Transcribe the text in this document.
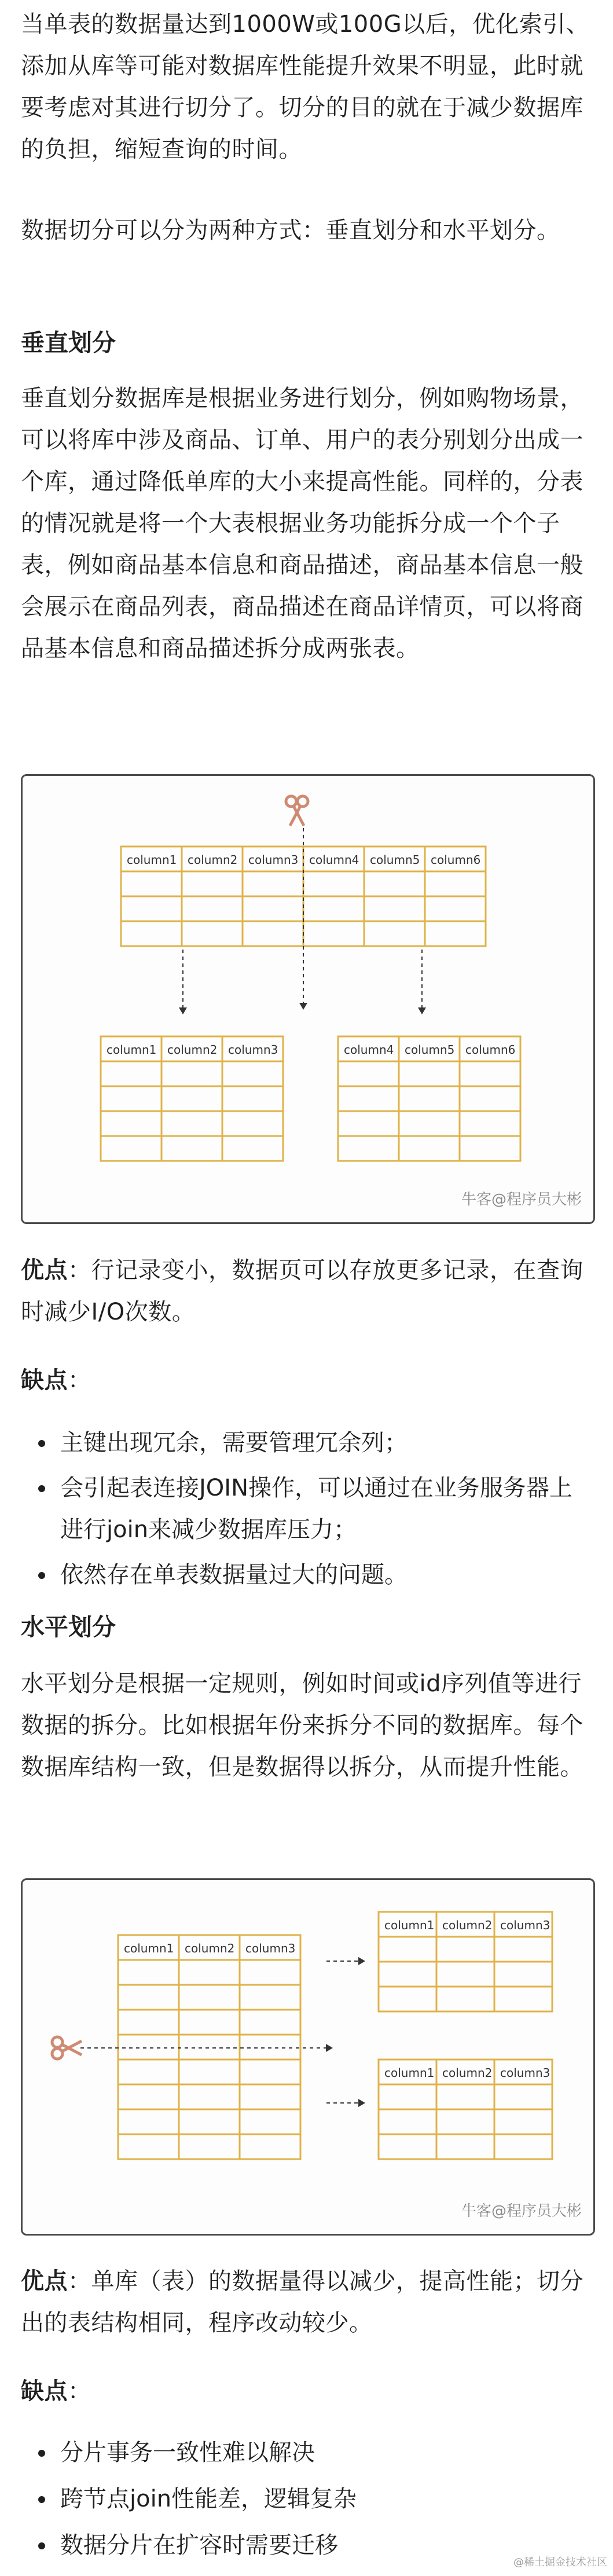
当单表的数据量达到1000W或100G以后，优化索引、添加从库等可能对数据库性能提升效果不明显，此时就要考虑对其进行切分了。切分的目的就在于减少数据库的负担，缩短查询的时间。

数据切分可以分为两种方式：垂直划分和水平划分。

垂直划分

垂直划分数据库是根据业务进行划分，例如购物场景，可以将库中涉及商品、订单、用户的表分别划分出成一个库，通过降低单库的大小来提高性能。同样的，分表的情况就是将一个大表根据业务功能拆分成一个个子表，例如商品基本信息和商品描述，商品基本信息一般会展示在商品列表，商品描述在商品详情页，可以将商品基本信息和商品描述拆分成两张表。

column1 column2 column3 column4 column5 column6
column1 column2 column3	column4 column5 column6
牛客@程序员大彬

优点：行记录变小，数据页可以存放更多记录，在查询时减少I/O次数。

缺点：

主键出现冗余，需要管理冗余列；
会引起表连接JOIN操作，可以通过在业务服务器上进行join来减少数据库压力；
依然存在单表数据量过大的问题。
水平划分

水平划分是根据一定规则，例如时间或id序列值等进行数据的拆分。比如根据年份来拆分不同的数据库。每个数据库结构一致，但是数据得以拆分，从而提升性能。

column1 column2 column3
column1 column2 column3
column1 column2 column3
牛客@程序员大彬

优点：单库（表）的数据量得以减少，提高性能；切分出的表结构相同，程序改动较少。

缺点：

分片事务一致性难以解决
跨节点join性能差，逻辑复杂
数据分片在扩容时需要迁移
@稀土掘金技术社区
